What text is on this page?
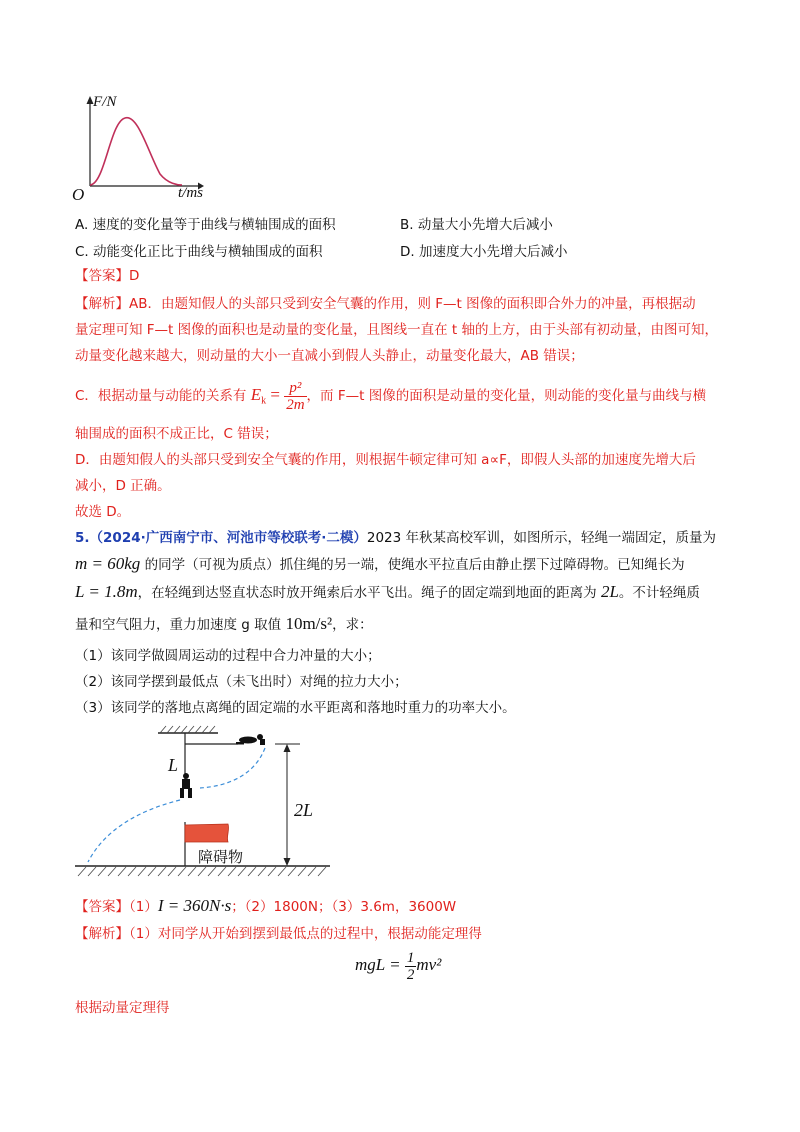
F/N
O	t/ms
A. 速度的变化量等于曲线与横轴围成的面积	B. 动量大小先增大后减小
C. 动能变化正比于曲线与横轴围成的面积	D. 加速度大小先增大后减小
【答案】D
【解析】AB．由题知假人的头部只受到安全气囊的作用，则 F—t 图像的面积即合外力的冲量，再根据动
量定理可知 F—t 图像的面积也是动量的变化量，且图线一直在 t 轴的上方，由于头部有初动量，由图可知，
动量变化越来越大，则动量的大小一直减小到假人头静止，动量变化最大，AB 错误；
C．根据动量与动能的关系有 $E_k = \frac{\text{p²}}{2m}$ ，而 F—t 图像的面积是动量的变化量，则动能的变化量与曲线与横
轴围成的面积不成正比，C 错误；
D．由题知假人的头部只受到安全气囊的作用，则根据牛顿定律可知 a∝F，即假人头部的加速度先增大后
减小，D 正确。
故选 D。
5.（2024·广西南宁市、河池市等校联考·二模）2023 年秋某高校军训，如图所示，轻绳一端固定，质量为
m = 60kg 的同学（可视为质点）抓住绳的另一端，使绳水平拉直后由静止摆下过障碍物。已知绳长为
L = 1.8m，在轻绳到达竖直状态时放开绳索后水平飞出。绳子的固定端到地面的距离为 2L。不计轻绳质
量和空气阻力，重力加速度 g 取值 10m/s²，求：
（1）该同学做圆周运动的过程中合力冲量的大小；
（2）该同学摆到最低点（未飞出时）对绳的拉力大小；
（3）该同学的落地点离绳的固定端的水平距离和落地时重力的功率大小。
L
2L
障碍物
【答案】（1）I = 360N·s；（2）1800N；（3）3.6m，3600W
【解析】（1）对同学从开始到摆到最低点的过程中，根据动能定理得
mgL = $\frac{1}{2} mv^2$
根据动量定理得
